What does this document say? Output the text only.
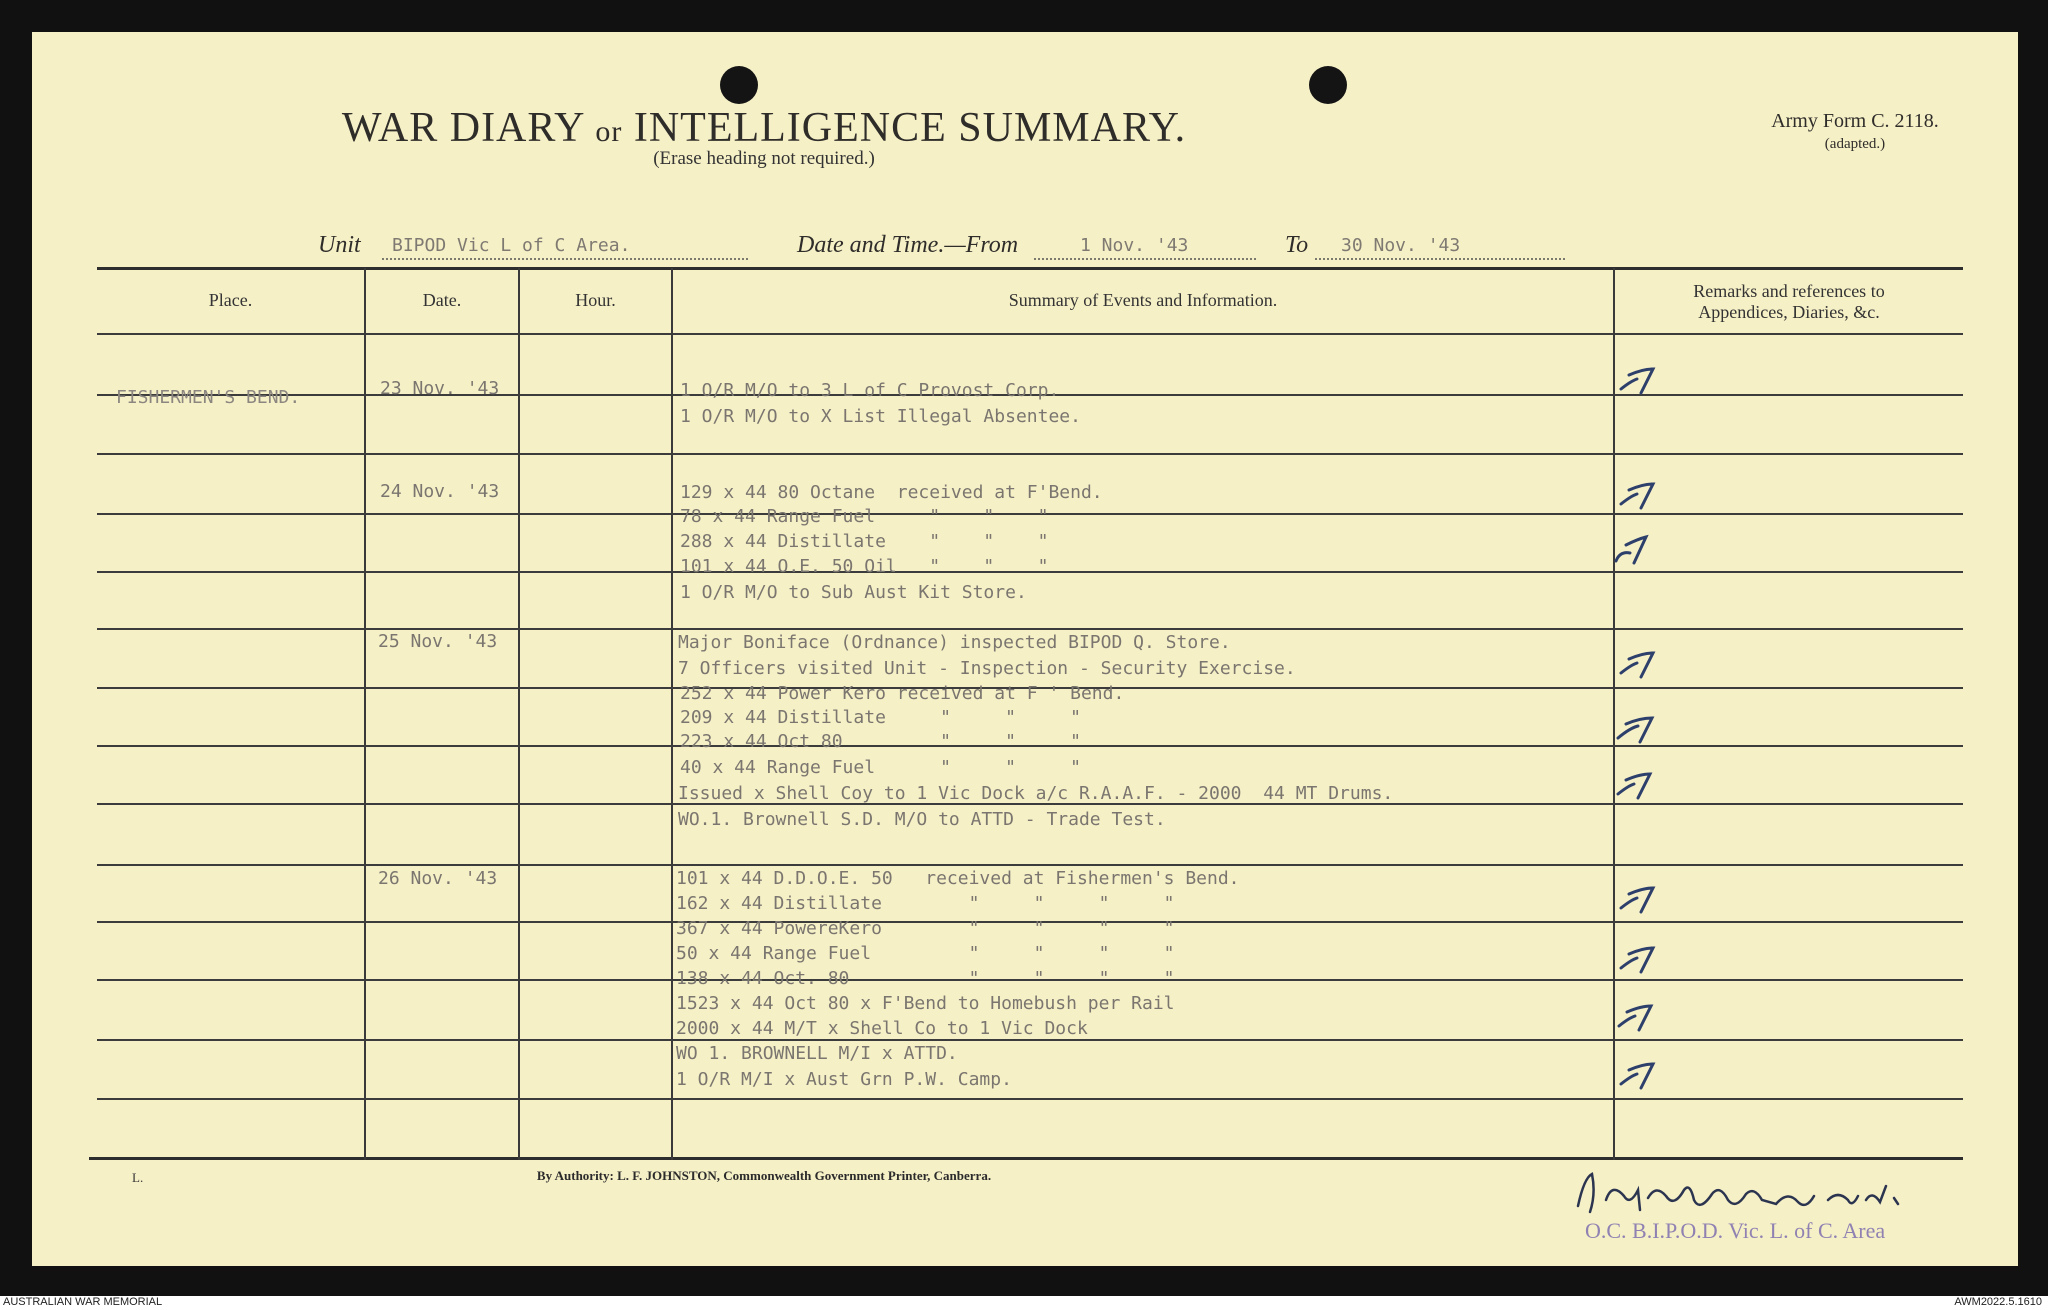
WAR DIARY or INTELLIGENCE SUMMARY.
(Erase heading not required.)
Army Form C. 2118.
(adapted.)
Unit	BIPOD Vic L of C Area.	Date and Time.—From	1 Nov. '43	To	30 Nov. '43
Place.	Date.	Hour.	Summary of Events and Information.	Remarks and references to
Appendices, Diaries, &c.
FISHERMEN'S BEND.	23 Nov. '43	1 O/R M/O to 3 L of C Provost Corp.
1 O/R M/O to X List Illegal Absentee.
24 Nov. '43	129 x 44 80 Octane  received at F'Bend.
78 x 44 Range Fuel     "    "    "
288 x 44 Distillate    "    "    "
101 x 44 O.E. 50 Oil   "    "    "
1 O/R M/O to Sub Aust Kit Store.
25 Nov. '43	Major Boniface (Ordnance) inspected BIPOD Q. Store.
7 Officers visited Unit - Inspection - Security Exercise.
252 x 44 Power Kero received at F ' Bend.
209 x 44 Distillate     "     "     "
223 x 44 Oct 80         "     "     "
40 x 44 Range Fuel      "     "     "
Issued x Shell Coy to 1 Vic Dock a/c R.A.A.F. - 2000  44 MT Drums.
WO.1. Brownell S.D. M/O to ATTD - Trade Test.
26 Nov. '43	101 x 44 D.D.O.E. 50   received at Fishermen's Bend.
162 x 44 Distillate        "     "     "     "
367 x 44 PowereKero        "     "     "     "
50 x 44 Range Fuel         "     "     "     "
138 x 44 Oct. 80           "     "     "     "
1523 x 44 Oct 80 x F'Bend to Homebush per Rail
2000 x 44 M/T x Shell Co to 1 Vic Dock
WO 1. BROWNELL M/I x ATTD.
1 O/R M/I x Aust Grn P.W. Camp.
L.	By Authority: L. F. JOHNSTON, Commonwealth Government Printer, Canberra.
O.C. B.I.P.O.D. Vic. L. of C. Area
AUSTRALIAN WAR MEMORIAL	AWM2022.5.1610
